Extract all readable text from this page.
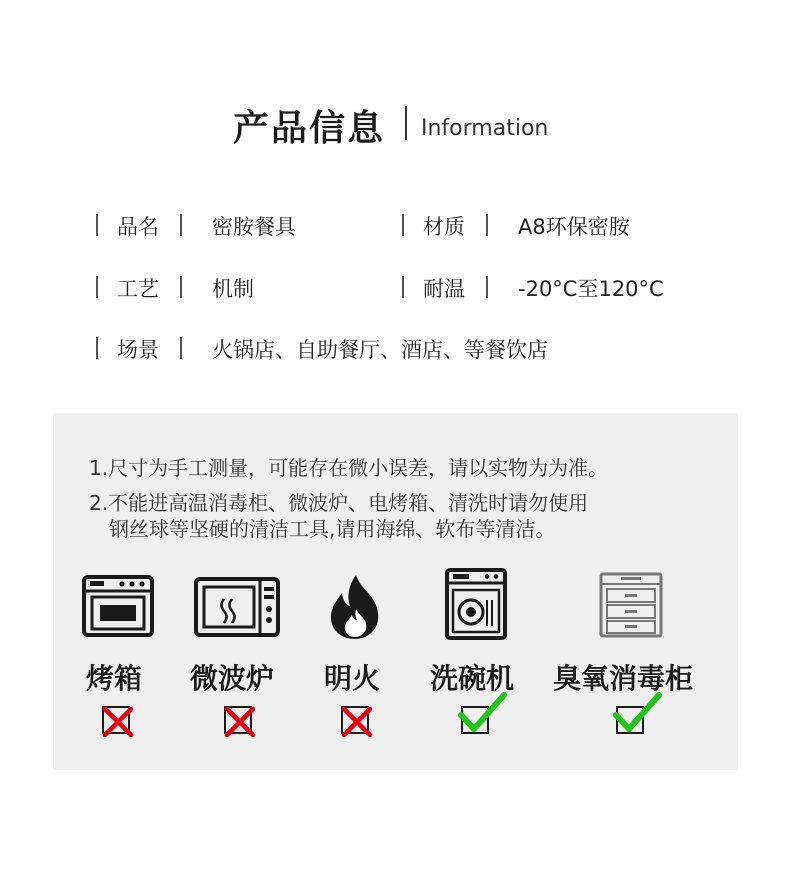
产品信息 Information
品名	密胺餐具	材质	A8环保密胺
工艺	机制	耐温	-20°C至120°C
场景	火锅店、自助餐厅、酒店、等餐饮店
1.尺寸为手工测量，可能存在微小误差，请以实物为为准。
2.不能进高温消毒柜、微波炉、电烤箱、清洗时请勿使用
钢丝球等坚硬的清洁工具,请用海绵、软布等清洁。
烤箱 微波炉 明火 洗碗机 臭氧消毒柜
